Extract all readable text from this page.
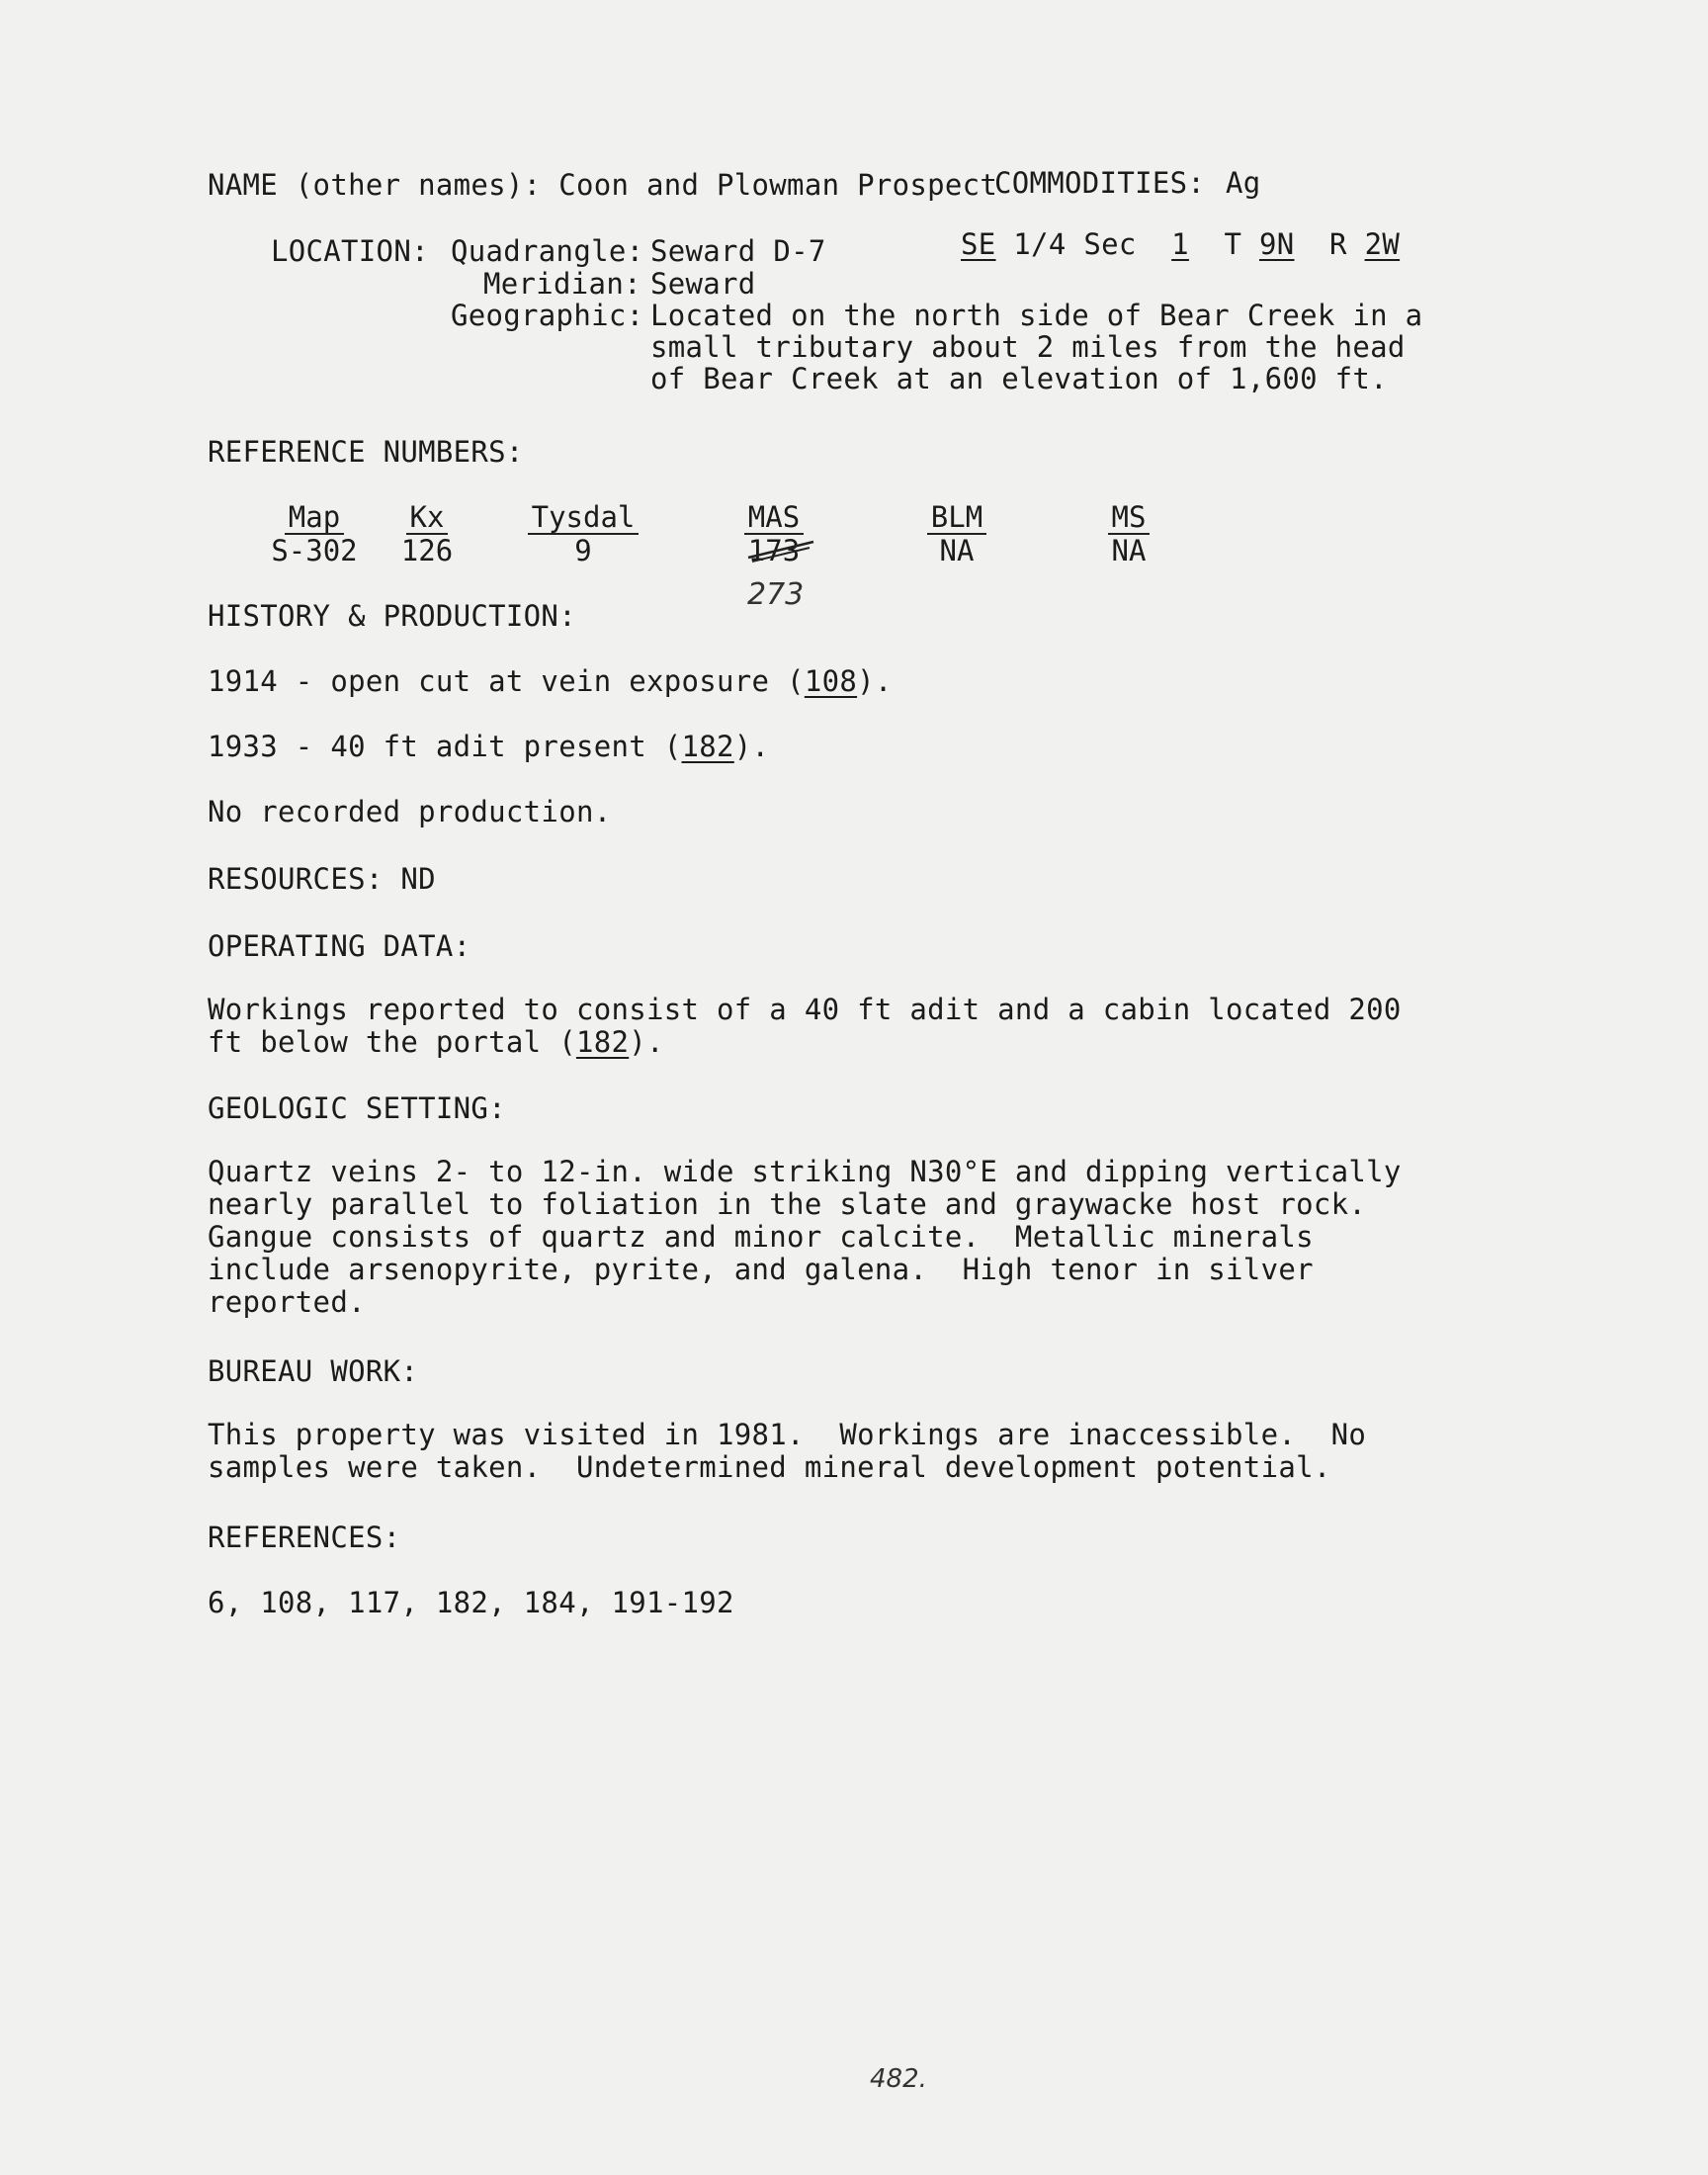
NAME (other names): Coon and Plowman Prospect
COMMODITIES: Ag
LOCATION: Quadrangle: Seward D-7	SE 1/4 Sec 1 T 9N R 2W
Meridian: Seward
Geographic: Located on the north side of Bear Creek in a
small tributary about 2 miles from the head
of Bear Creek at an elevation of 1,600 ft.
REFERENCE NUMBERS:
Map
S-302
Kx
126
Tysdal
9
MAS
173
BLM
NA
MS
NA
273
HISTORY & PRODUCTION:
1914 - open cut at vein exposure (108).
1933 - 40 ft adit present (182).
No recorded production.
RESOURCES: ND
OPERATING DATA:
Workings reported to consist of a 40 ft adit and a cabin located 200
ft below the portal (182).
GEOLOGIC SETTING:
Quartz veins 2- to 12-in. wide striking N30°E and dipping vertically
nearly parallel to foliation in the slate and graywacke host rock.
Gangue consists of quartz and minor calcite.  Metallic minerals
include arsenopyrite, pyrite, and galena.  High tenor in silver
reported.
BUREAU WORK:
This property was visited in 1981.  Workings are inaccessible.  No
samples were taken.  Undetermined mineral development potential.
REFERENCES:
6, 108, 117, 182, 184, 191-192
482.
